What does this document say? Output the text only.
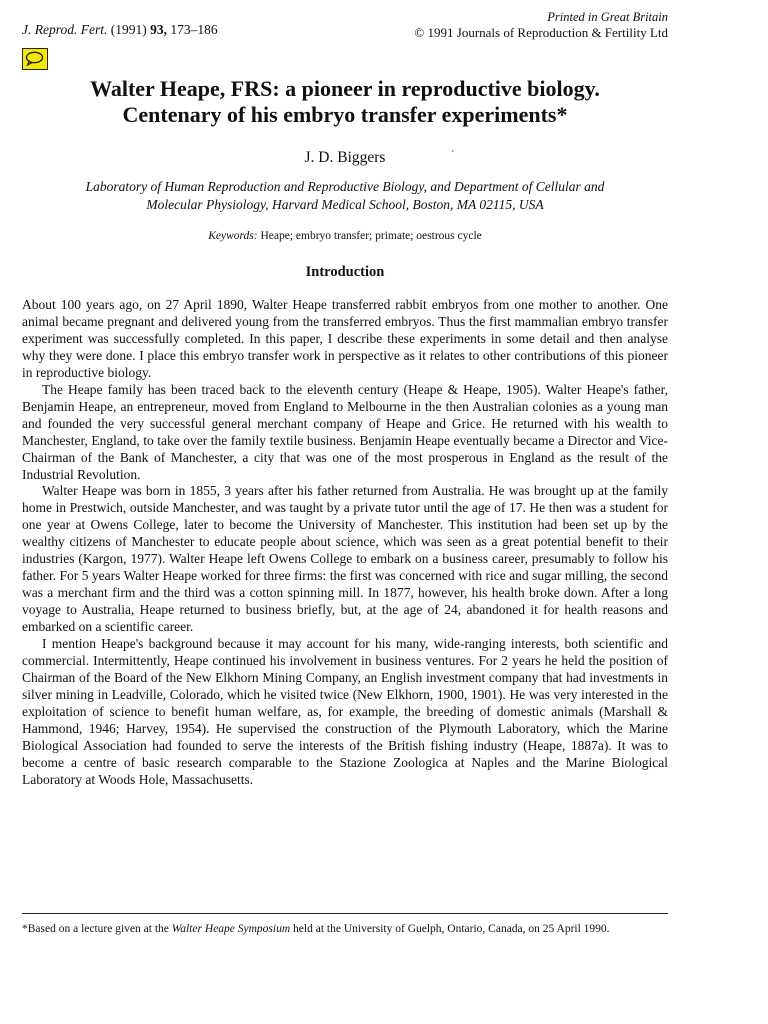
J. Reprod. Fert. (1991) 93, 173–186
Printed in Great Britain
© 1991 Journals of Reproduction & Fertility Ltd
Walter Heape, FRS: a pioneer in reproductive biology.
Centenary of his embryo transfer experiments*
J. D. Biggers	ˊ
Laboratory of Human Reproduction and Reproductive Biology, and Department of Cellular and
Molecular Physiology, Harvard Medical School, Boston, MA 02115, USA
Keywords: Heape; embryo transfer; primate; oestrous cycle
Introduction

About 100 years ago, on 27 April 1890, Walter Heape transferred rabbit embryos from one mother to another. One animal became pregnant and delivered young from the transferred embryos. Thus the first mammalian embryo transfer experiment was successfully completed. In this paper, I describe these experiments in some detail and then analyse why they were done. I place this embryo transfer work in perspective as it relates to other contributions of this pioneer in reproductive biology.

The Heape family has been traced back to the eleventh century (Heape & Heape, 1905). Walter Heape's father, Benjamin Heape, an entrepreneur, moved from England to Melbourne in the then Australian colonies as a young man and founded the very successful general merchant company of Heape and Grice. He returned with his wealth to Manchester, England, to take over the family textile business. Benjamin Heape eventually became a Director and Vice-Chairman of the Bank of Manchester, a city that was one of the most prosperous in England as the result of the Industrial Revolution.

Walter Heape was born in 1855, 3 years after his father returned from Australia. He was brought up at the family home in Prestwich, outside Manchester, and was taught by a private tutor until the age of 17. He then was a student for one year at Owens College, later to become the University of Manchester. This institution had been set up by the wealthy citizens of Manchester to educate people about science, which was seen as a great potential benefit to their industries (Kargon, 1977). Walter Heape left Owens College to embark on a business career, presumably to follow his father. For 5 years Walter Heape worked for three firms: the first was concerned with rice and sugar milling, the second was a merchant firm and the third was a cotton spinning mill. In 1877, however, his health broke down. After a long voyage to Australia, Heape returned to business briefly, but, at the age of 24, abandoned it for health reasons and embarked on a scientific career.

I mention Heape's background because it may account for his many, wide-ranging interests, both scientific and commercial. Intermittently, Heape continued his involvement in business ventures. For 2 years he held the position of Chairman of the Board of the New Elkhorn Mining Company, an English investment company that had investments in silver mining in Leadville, Colorado, which he visited twice (New Elkhorn, 1900, 1901). He was very interested in the exploitation of science to benefit human welfare, as, for example, the breeding of domestic animals (Marshall & Hammond, 1946; Harvey, 1954). He supervised the construction of the Plymouth Laboratory, which the Marine Biological Association had founded to serve the interests of the British fishing industry (Heape, 1887a). It was to become a centre of basic research comparable to the Stazione Zoologica at Naples and the Marine Biological Laboratory at Woods Hole, Massachusetts.

*Based on a lecture given at the Walter Heape Symposium held at the University of Guelph, Ontario, Canada, on 25 April 1990.
